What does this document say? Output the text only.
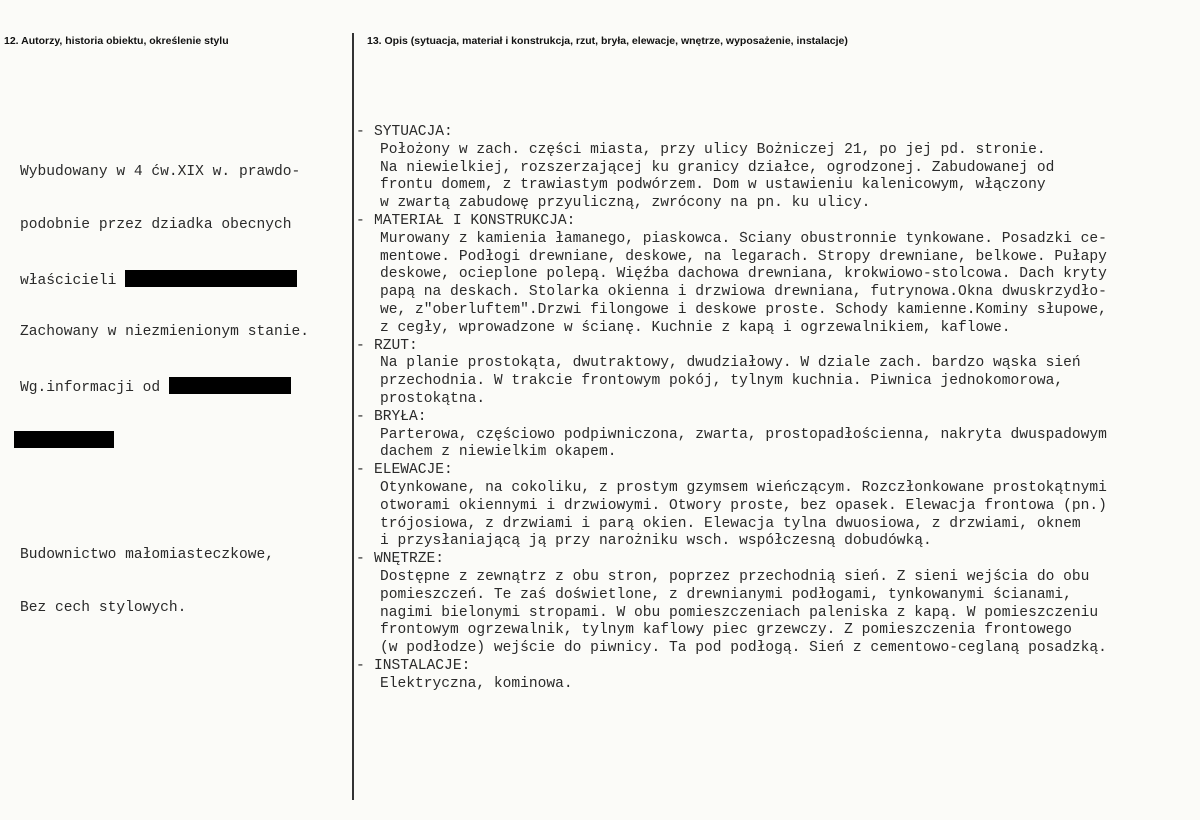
12. Autorzy, historia obiektu, określenie stylu	13. Opis (sytuacja, materiał i konstrukcja, rzut, bryła, elewacje, wnętrze, wyposażenie, instalacje)

Wybudowany w 4 ćw.XIX w. prawdo-

podobnie przez dziadka obecnych

właścicieli

Zachowany w niezmienionym stanie.

Wg.informacji od

Budownictwo małomiasteczkowe,

Bez cech stylowych.

- SYTUACJA:
Położony w zach. części miasta, przy ulicy Bożniczej 21, po jej pd. stronie.
Na niewielkiej, rozszerzającej ku granicy działce, ogrodzonej. Zabudowanej od
frontu domem, z trawiastym podwórzem. Dom w ustawieniu kalenicowym, włączony
w zwartą zabudowę przyuliczną, zwrócony na pn. ku ulicy.
- MATERIAŁ I KONSTRUKCJA:
Murowany z kamienia łamanego, piaskowca. Ściany obustronnie tynkowane. Posadzki ce-
mentowe. Podłogi drewniane, deskowe, na legarach. Stropy drewniane, belkowe. Pułapy
deskowe, ocieplone polepą. Więźba dachowa drewniana, krokwiowo-stolcowa. Dach kryty
papą na deskach. Stolarka okienna i drzwiowa drewniana, futrynowa.Okna dwuskrzydło-
we, z"oberluftem".Drzwi filongowe i deskowe proste. Schody kamienne.Kominy słupowe,
z cegły, wprowadzone w ścianę. Kuchnie z kapą i ogrzewalnikiem, kaflowe.
- RZUT:
Na planie prostokąta, dwutraktowy, dwudziałowy. W dziale zach. bardzo wąska sień
przechodnia. W trakcie frontowym pokój, tylnym kuchnia. Piwnica jednokomorowa,
prostokątna.
- BRYŁA:
Parterowa, częściowo podpiwniczona, zwarta, prostopadłościenna, nakryta dwuspadowym
dachem z niewielkim okapem.
- ELEWACJE:
Otynkowane, na cokoliku, z prostym gzymsem wieńczącym. Rozczłonkowane prostokątnymi
otworami okiennymi i drzwiowymi. Otwory proste, bez opasek. Elewacja frontowa (pn.)
trójosiowa, z drzwiami i parą okien. Elewacja tylna dwuosiowa, z drzwiami, oknem
i przysłaniającą ją przy narożniku wsch. współczesną dobudówką.
- WNĘTRZE:
Dostępne z zewnątrz z obu stron, poprzez przechodnią sień. Z sieni wejścia do obu
pomieszczeń. Te zaś doświetlone, z drewnianymi podłogami, tynkowanymi ścianami,
nagimi bielonymi stropami. W obu pomieszczeniach paleniska z kapą. W pomieszczeniu
frontowym ogrzewalnik, tylnym kaflowy piec grzewczy. Z pomieszczenia frontowego
(w podłodze) wejście do piwnicy. Ta pod podłogą. Sień z cementowo-ceglaną posadzką.
- INSTALACJE:
Elektryczna, kominowa.
